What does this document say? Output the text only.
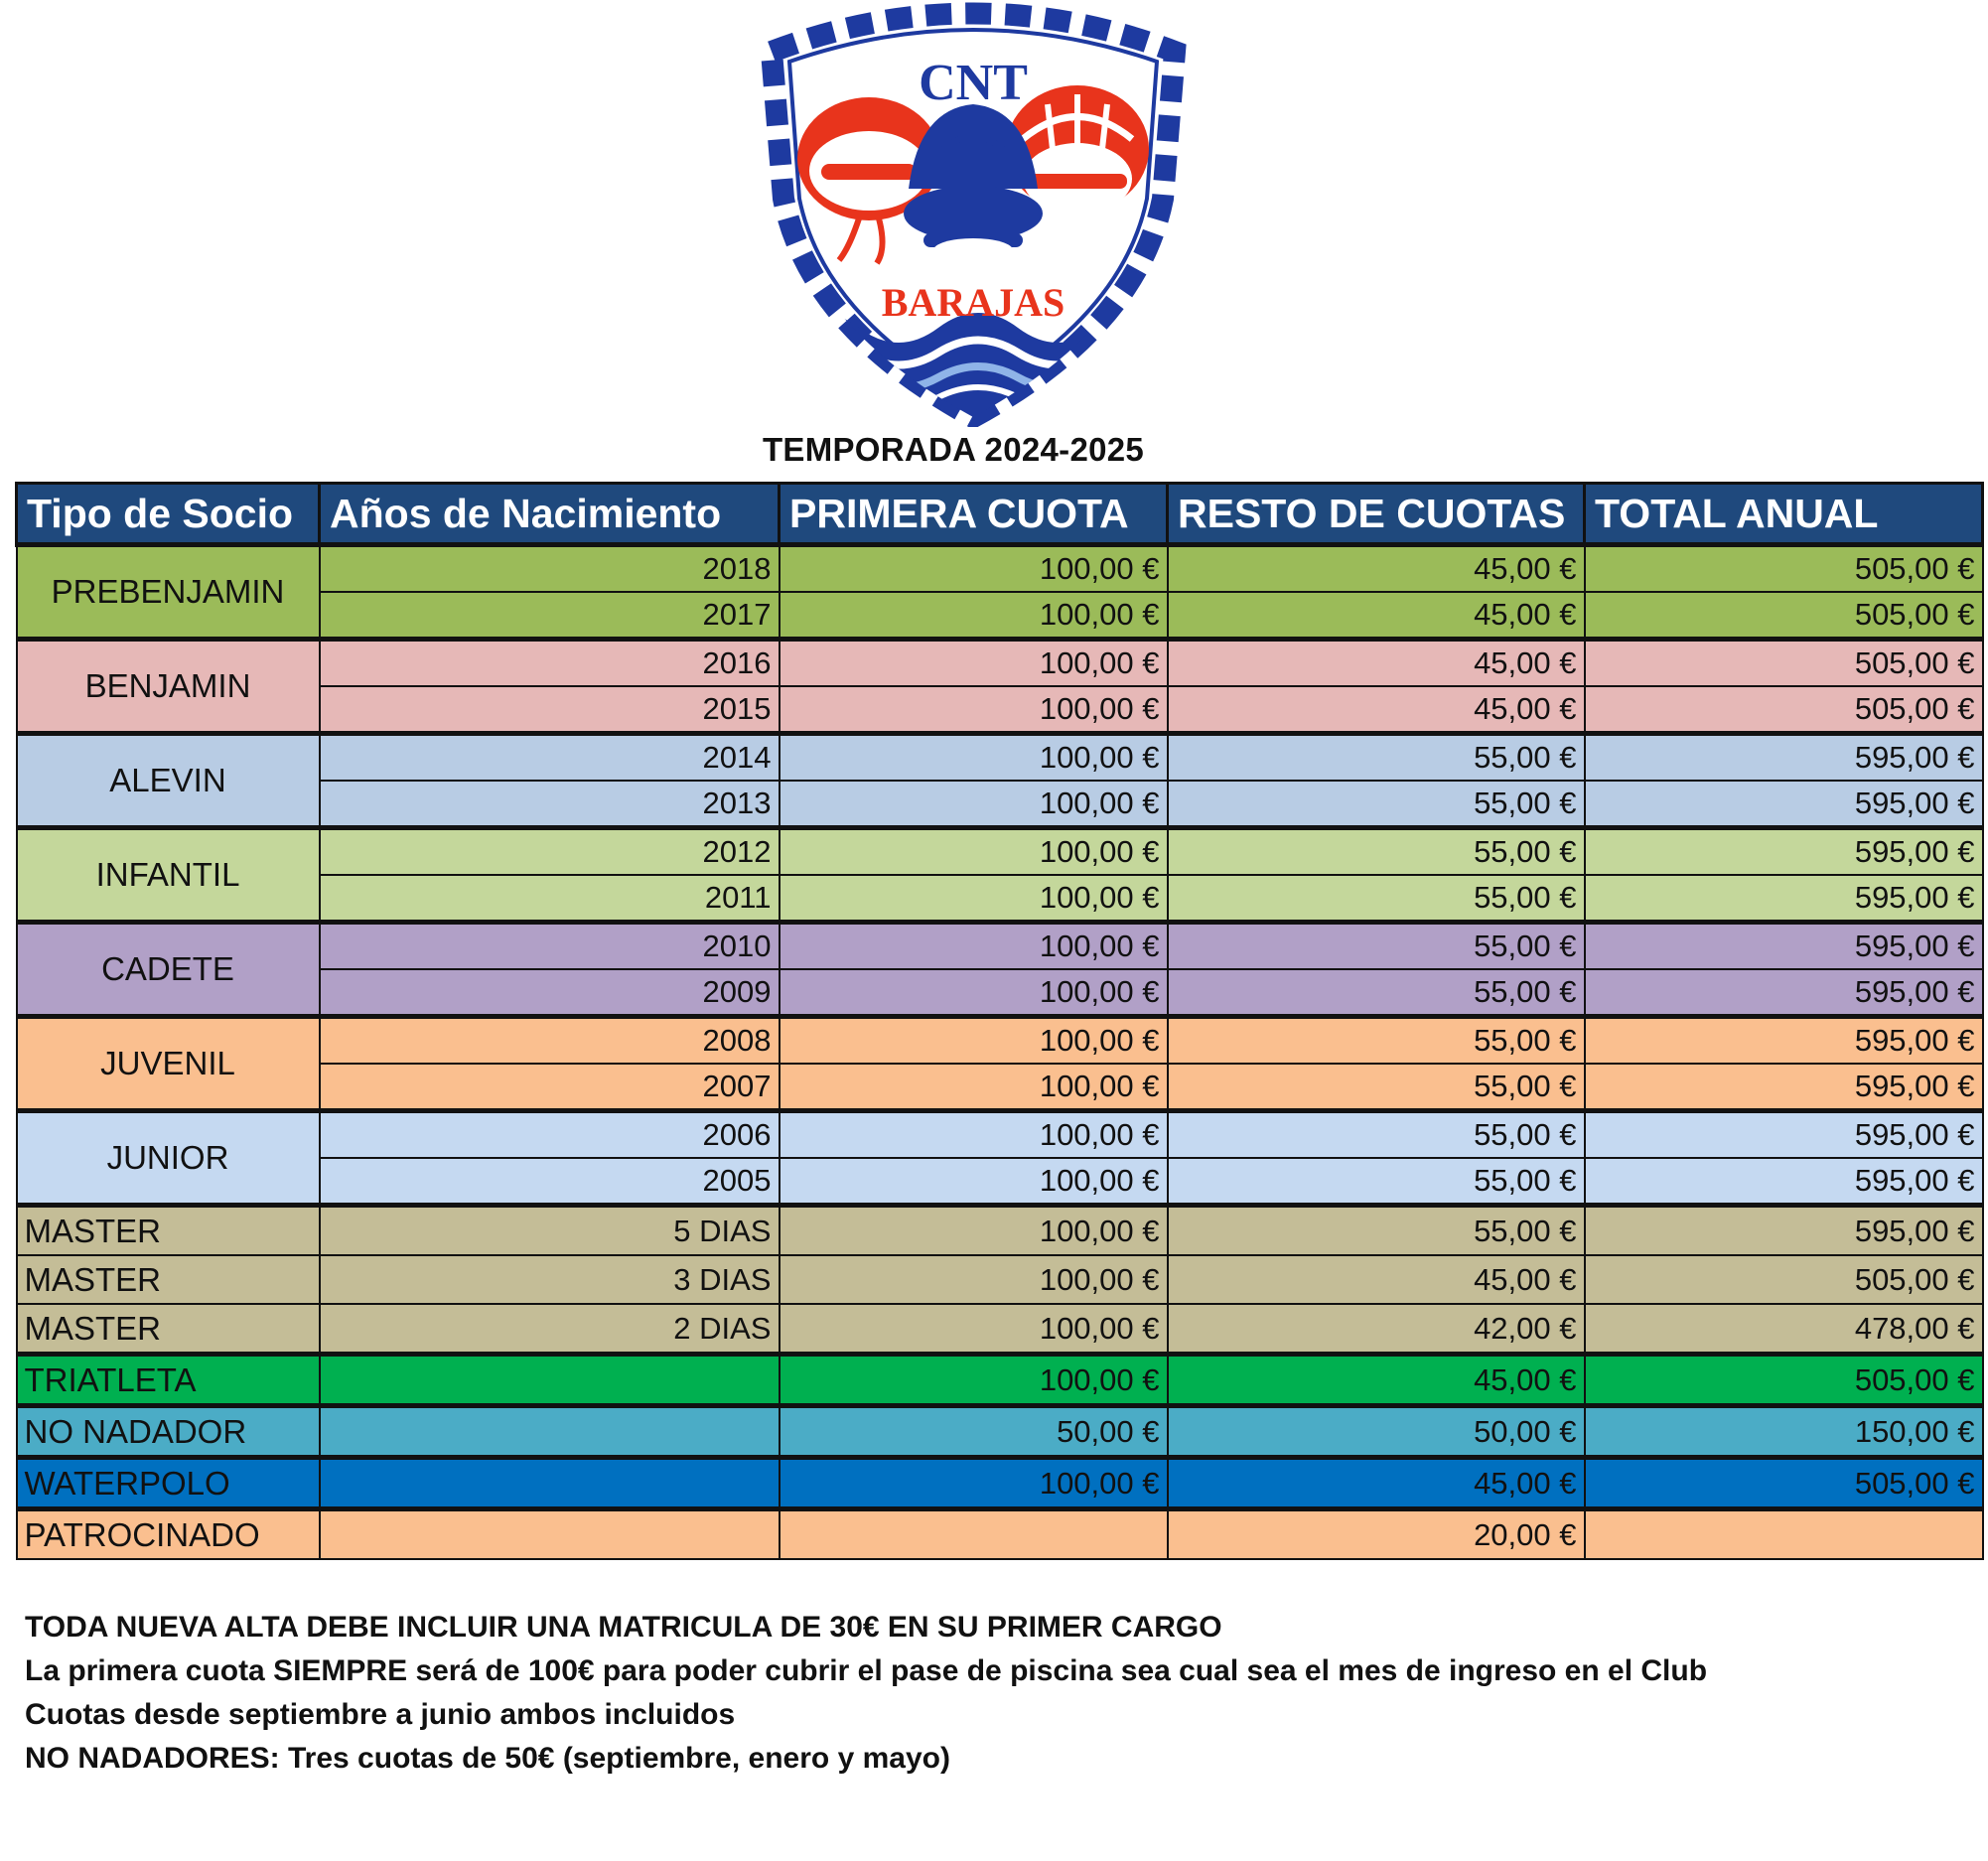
CNT
BARAJAS
TEMPORADA 2024-2025
Tipo de Socio	Años de Nacimiento	PRIMERA CUOTA	RESTO DE CUOTAS	TOTAL ANUAL
PREBENJAMIN	2018	100,00 €	45,00 €	505,00 €
	2017	100,00 €	45,00 €	505,00 €
BENJAMIN	2016	100,00 €	45,00 €	505,00 €
	2015	100,00 €	45,00 €	505,00 €
ALEVIN	2014	100,00 €	55,00 €	595,00 €
	2013	100,00 €	55,00 €	595,00 €
INFANTIL	2012	100,00 €	55,00 €	595,00 €
	2011	100,00 €	55,00 €	595,00 €
CADETE	2010	100,00 €	55,00 €	595,00 €
	2009	100,00 €	55,00 €	595,00 €
JUVENIL	2008	100,00 €	55,00 €	595,00 €
	2007	100,00 €	55,00 €	595,00 €
JUNIOR	2006	100,00 €	55,00 €	595,00 €
	2005	100,00 €	55,00 €	595,00 €
MASTER	5 DIAS	100,00 €	55,00 €	595,00 €
MASTER	3 DIAS	100,00 €	45,00 €	505,00 €
MASTER	2 DIAS	100,00 €	42,00 €	478,00 €
TRIATLETA		100,00 €	45,00 €	505,00 €
NO NADADOR		50,00 €	50,00 €	150,00 €
WATERPOLO		100,00 €	45,00 €	505,00 €
PATROCINADO			20,00 €	
TODA NUEVA ALTA DEBE INCLUIR UNA MATRICULA DE 30€ EN SU PRIMER CARGO
La primera cuota SIEMPRE será de 100€ para poder cubrir el pase de piscina sea cual sea el mes de ingreso en el Club
Cuotas desde septiembre a junio ambos incluidos
NO NADADORES: Tres cuotas de 50€ (septiembre, enero y mayo)
